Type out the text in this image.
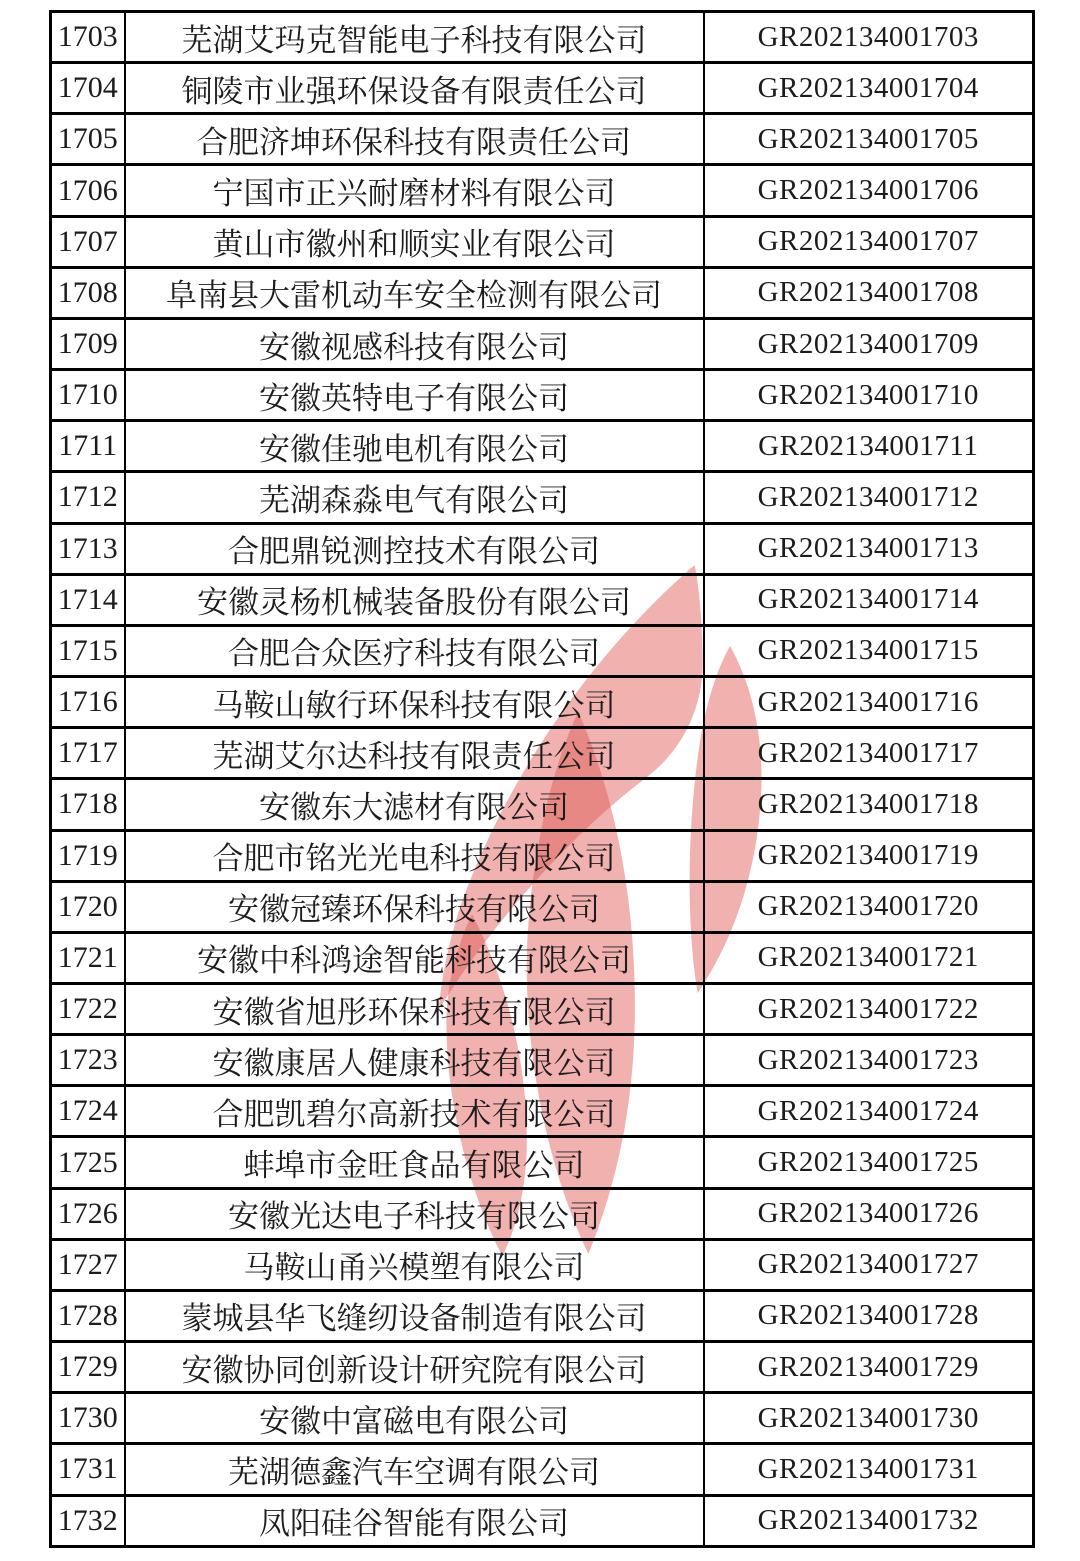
1703	芜湖艾玛克智能电子科技有限公司	GR202134001703
1704	铜陵市业强环保设备有限责任公司	GR202134001704
1705	合肥济坤环保科技有限责任公司	GR202134001705
1706	宁国市正兴耐磨材料有限公司	GR202134001706
1707	黄山市徽州和顺实业有限公司	GR202134001707
1708	阜南县大雷机动车安全检测有限公司	GR202134001708
1709	安徽视感科技有限公司	GR202134001709
1710	安徽英特电子有限公司	GR202134001710
1711	安徽佳驰电机有限公司	GR202134001711
1712	芜湖森淼电气有限公司	GR202134001712
1713	合肥鼎锐测控技术有限公司	GR202134001713
1714	安徽灵杨机械装备股份有限公司	GR202134001714
1715	合肥合众医疗科技有限公司	GR202134001715
1716	马鞍山敏行环保科技有限公司	GR202134001716
1717	芜湖艾尔达科技有限责任公司	GR202134001717
1718	安徽东大滤材有限公司	GR202134001718
1719	合肥市铭光光电科技有限公司	GR202134001719
1720	安徽冠臻环保科技有限公司	GR202134001720
1721	安徽中科鸿途智能科技有限公司	GR202134001721
1722	安徽省旭彤环保科技有限公司	GR202134001722
1723	安徽康居人健康科技有限公司	GR202134001723
1724	合肥凯碧尔高新技术有限公司	GR202134001724
1725	蚌埠市金旺食品有限公司	GR202134001725
1726	安徽光达电子科技有限公司	GR202134001726
1727	马鞍山甬兴模塑有限公司	GR202134001727
1728	蒙城县华飞缝纫设备制造有限公司	GR202134001728
1729	安徽协同创新设计研究院有限公司	GR202134001729
1730	安徽中富磁电有限公司	GR202134001730
1731	芜湖德鑫汽车空调有限公司	GR202134001731
1732	凤阳硅谷智能有限公司	GR202134001732
